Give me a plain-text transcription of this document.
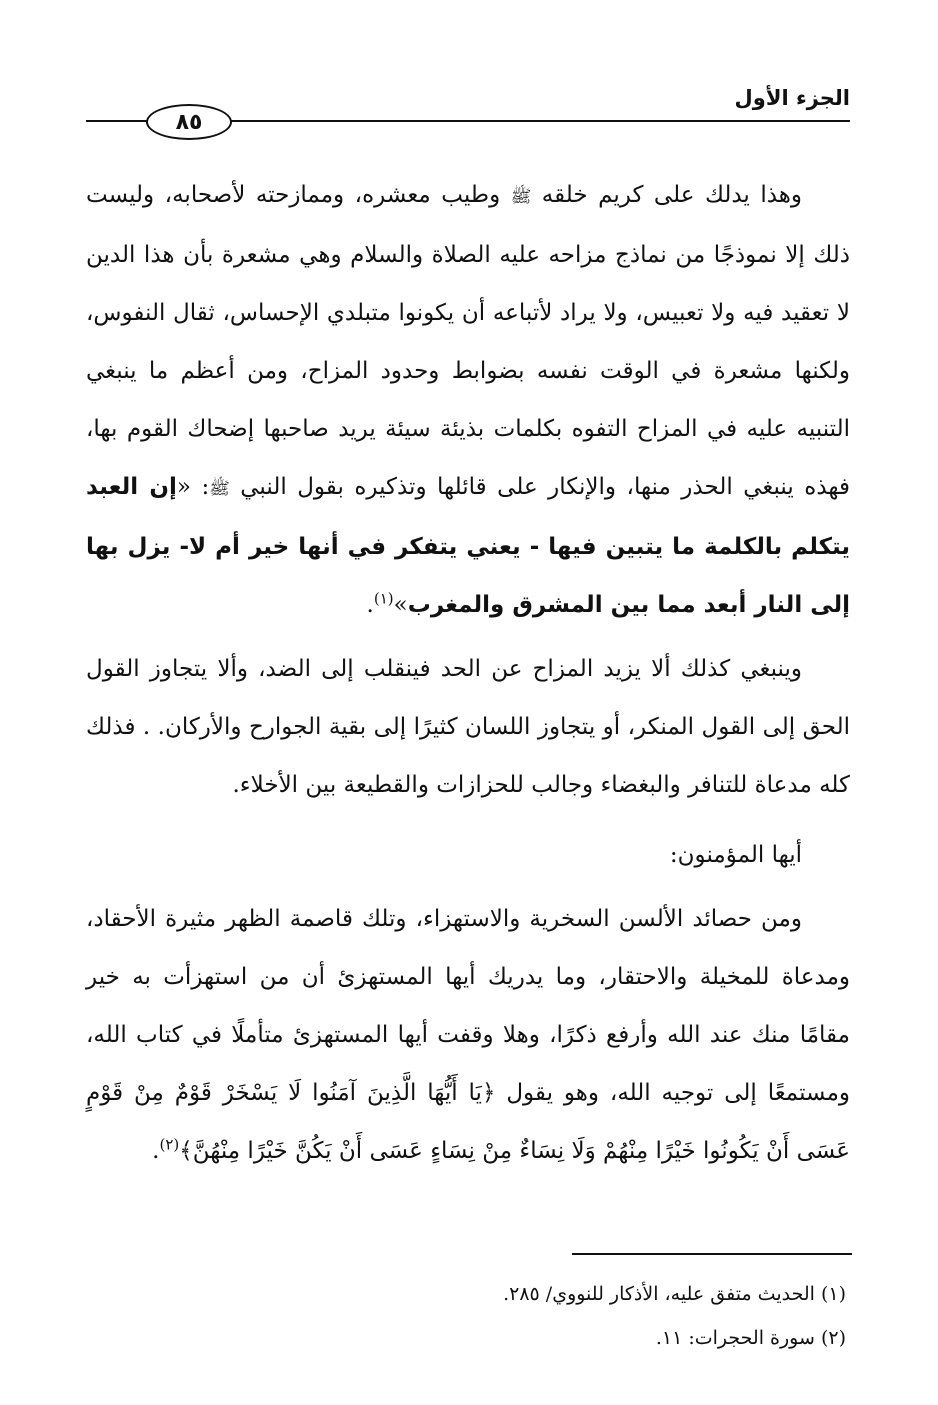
الجزء الأول
٨٥

وهذا يدلك على كريم خلقه ﷺ وطيب معشره، وممازحته لأصحابه، وليست ذلك إلا نموذجًا من نماذج مزاحه عليه الصلاة والسلام وهي مشعرة بأن هذا الدين لا تعقيد فيه ولا تعبيس، ولا يراد لأتباعه أن يكونوا متبلدي الإحساس، ثقال النفوس، ولكنها مشعرة في الوقت نفسه بضوابط وحدود المزاح، ومن أعظم ما ينبغي التنبيه عليه في المزاح التفوه بكلمات بذيئة سيئة يريد صاحبها إضحاك القوم بها، فهذه ينبغي الحذر منها، والإنكار على قائلها وتذكيره بقول النبي ﷺ: «إن العبد يتكلم بالكلمة ما يتبين فيها - يعني يتفكر في أنها خير أم لا- يزل بها إلى النار أبعد مما بين المشرق والمغرب»$^{(١)}$.

وينبغي كذلك ألا يزيد المزاح عن الحد فينقلب إلى الضد، وألا يتجاوز القول الحق إلى القول المنكر، أو يتجاوز اللسان كثيرًا إلى بقية الجوارح والأركان. . فذلك كله مدعاة للتنافر والبغضاء وجالب للحزازات والقطيعة بين الأخلاء.

أيها المؤمنون:

ومن حصائد الألسن السخرية والاستهزاء، وتلك قاصمة الظهر مثيرة الأحقاد، ومدعاة للمخيلة والاحتقار، وما يدريك أيها المستهزئ أن من استهزأت به خير مقامًا منك عند الله وأرفع ذكرًا، وهلا وقفت أيها المستهزئ متأملًا في كتاب الله، ومستمعًا إلى توجيه الله، وهو يقول ﴿يَا أَيُّهَا الَّذِينَ آمَنُوا لَا يَسْخَرْ قَوْمٌ مِنْ قَوْمٍ عَسَى أَنْ يَكُونُوا خَيْرًا مِنْهُمْ وَلَا نِسَاءٌ مِنْ نِسَاءٍ عَسَى أَنْ يَكُنَّ خَيْرًا مِنْهُنَّ﴾$^{(٢)}$.

(١) الحديث متفق عليه، الأذكار للنووي/ ٢٨٥.
(٢) سورة الحجرات: ١١.
